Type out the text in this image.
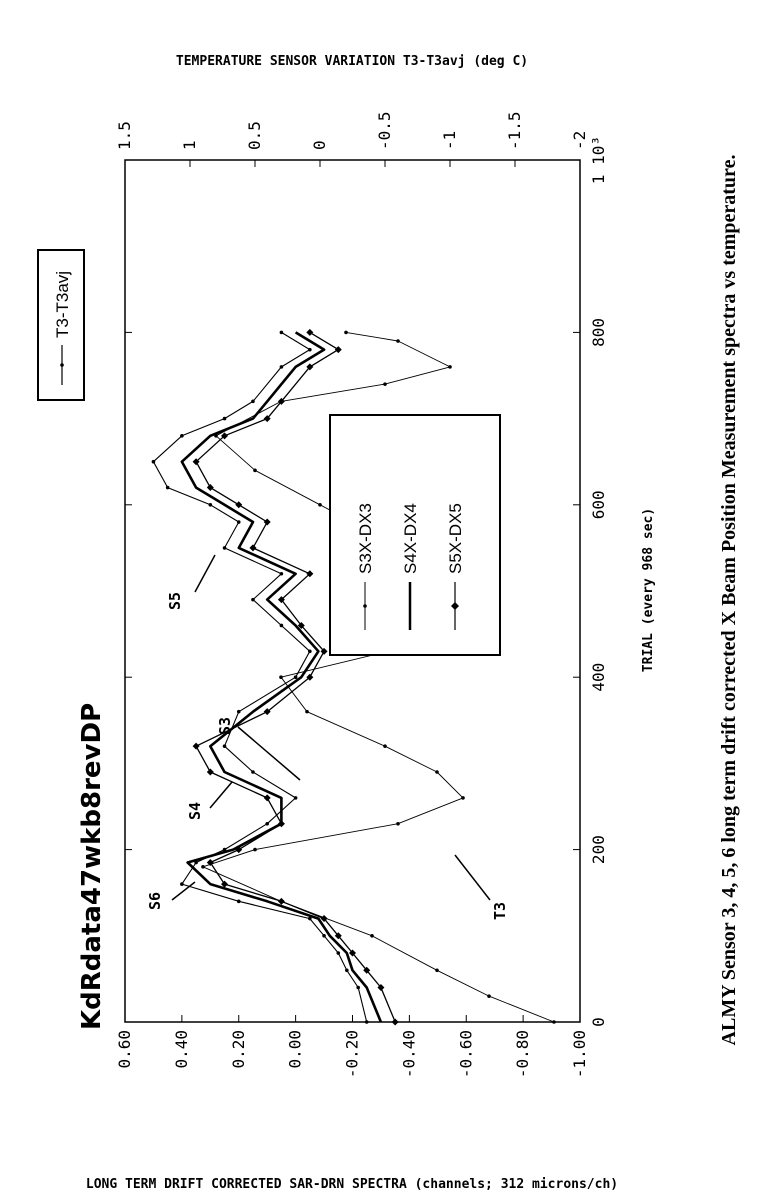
0
200
400
600
800
1 10³
0.60 0.40 0.20 0.00 -0.20 -0.40 -0.60 -0.80 -1.00
1.5	1	0.5	0	-0.5	-1	-1.5	-2
KdRdata47wkb8revDP
T3-T3avj
S3X-DX3 S4X-DX4 S5X-DX5
S6
S4
S3
S5
T3
TRIAL (every 968 sec)
LONG TERM DRIFT CORRECTED SAR-DRN SPECTRA (channels; 312 microns/ch)
TEMPERATURE SENSOR VARIATION T3-T3avj (deg C)
ALMY Sensor 3, 4, 5, 6 long term drift corrected X Beam Position Measurement spectra vs temperature.
